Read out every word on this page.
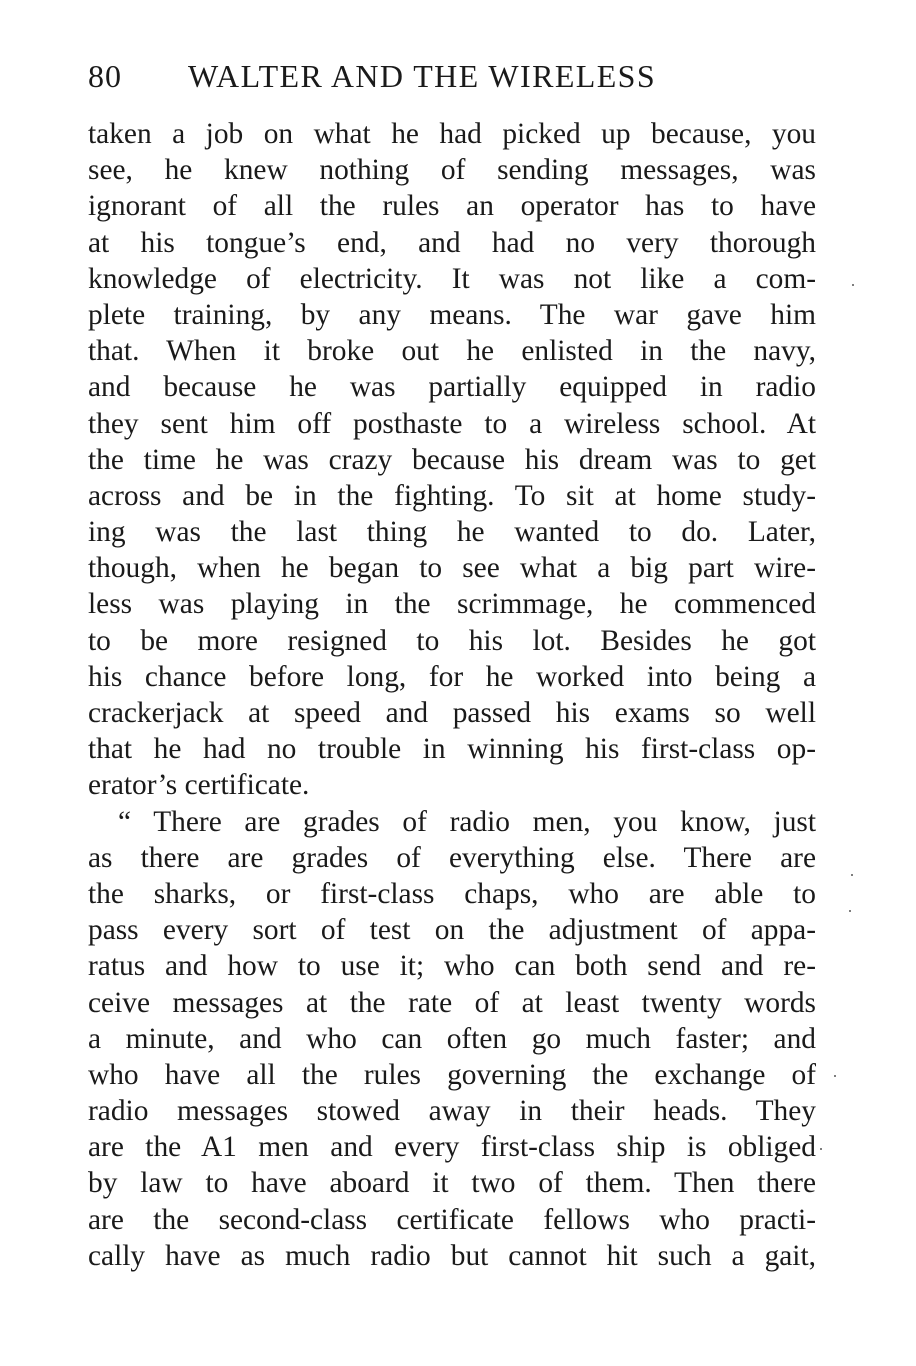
80 WALTER AND THE WIRELESS
taken a job on what he had picked up because, you
see, he knew nothing of sending messages, was
ignorant of all the rules an operator has to have
at his tongue’s end, and had no very thorough
knowledge of electricity. It was not like a com-
plete training, by any means. The war gave him
that. When it broke out he enlisted in the navy,
and because he was partially equipped in radio
they sent him off posthaste to a wireless school. At
the time he was crazy because his dream was to get
across and be in the fighting. To sit at home study-
ing was the last thing he wanted to do. Later,
though, when he began to see what a big part wire-
less was playing in the scrimmage, he commenced
to be more resigned to his lot. Besides he got
his chance before long, for he worked into being a
crackerjack at speed and passed his exams so well
that he had no trouble in winning his first-class op-
erator’s certificate.
“ There are grades of radio men, you know, just
as there are grades of everything else. There are
the sharks, or first-class chaps, who are able to
pass every sort of test on the adjustment of appa-
ratus and how to use it; who can both send and re-
ceive messages at the rate of at least twenty words
a minute, and who can often go much faster; and
who have all the rules governing the exchange of
radio messages stowed away in their heads. They
are the A1 men and every first-class ship is obliged
by law to have aboard it two of them. Then there
are the second-class certificate fellows who practi-
cally have as much radio but cannot hit such a gait,
